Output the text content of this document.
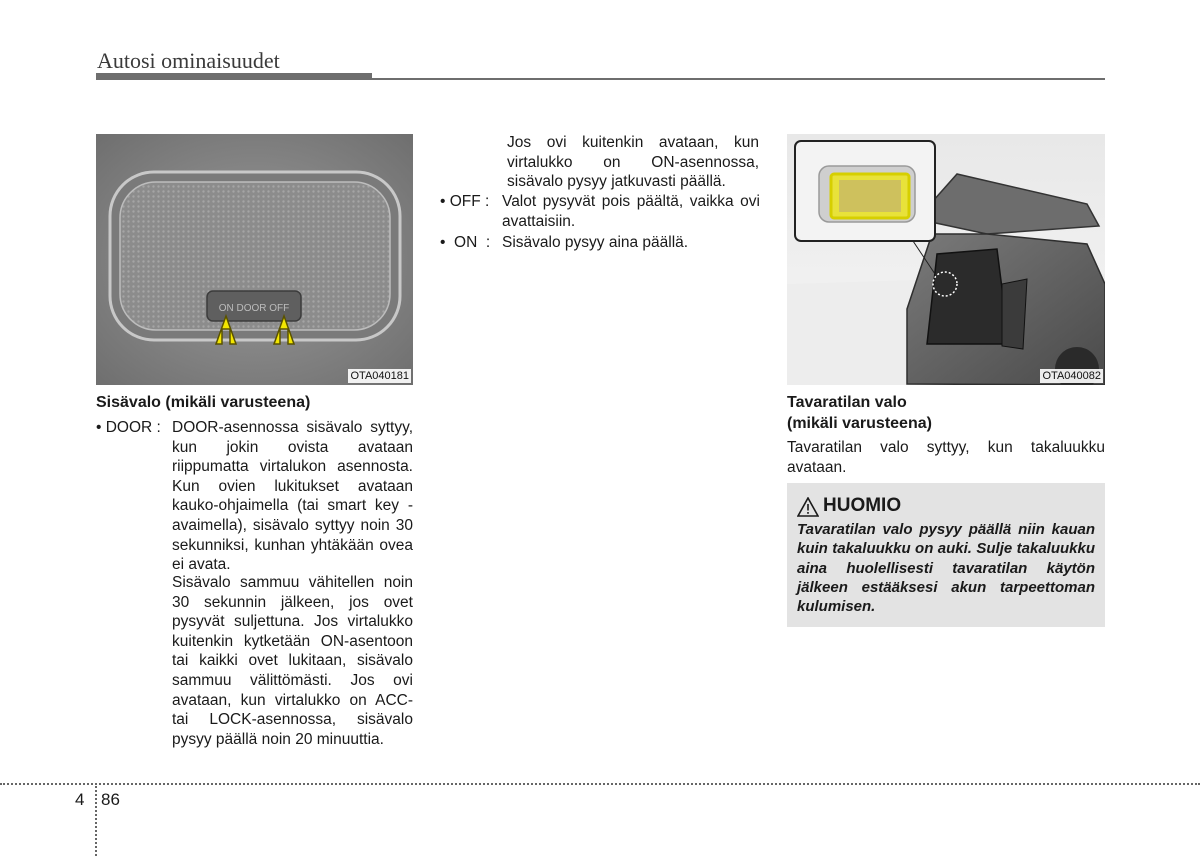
Autosi ominaisuudet
ON DOOR OFF
OTA040181
Sisävalo (mikäli varusteena)
• DOOR : DOOR-asennossa sisävalo syttyy, kun jokin ovista avataan riippumatta virtalukon asennosta. Kun ovien lukitukset avataan kauko-ohjaimella (tai smart key -avaimella), sisävalo syttyy noin 30 sekunniksi, kunhan yhtäkään ovea ei avata.
Sisävalo sammuu vähitellen noin 30 sekunnin jälkeen, jos ovet pysyvät suljettuna. Jos virtalukko kuitenkin kytketään ON-asentoon tai kaikki ovet lukitaan, sisävalo sammuu välittömästi. Jos ovi avataan, kun virtalukko on ACC- tai LOCK-asennossa, sisävalo pysyy päällä noin 20 minuuttia.
Jos ovi kuitenkin avataan, kun virtalukko on ON-asennossa, sisävalo pysyy jatkuvasti päällä.
• OFF : Valot pysyvät pois päältä, vaikka ovi avattaisiin.
•  ON  : Sisävalo pysyy aina päällä.
OTA040082
Tavaratilan valo
(mikäli varusteena)
Tavaratilan valo syttyy, kun takaluukku avataan.
HUOMIO
Tavaratilan valo pysyy päällä niin kauan kuin takaluukku on auki. Sulje takaluukku aina huolellisesti tavaratilan käytön jälkeen estääksesi akun tarpeettoman kulumisen.
4 86
